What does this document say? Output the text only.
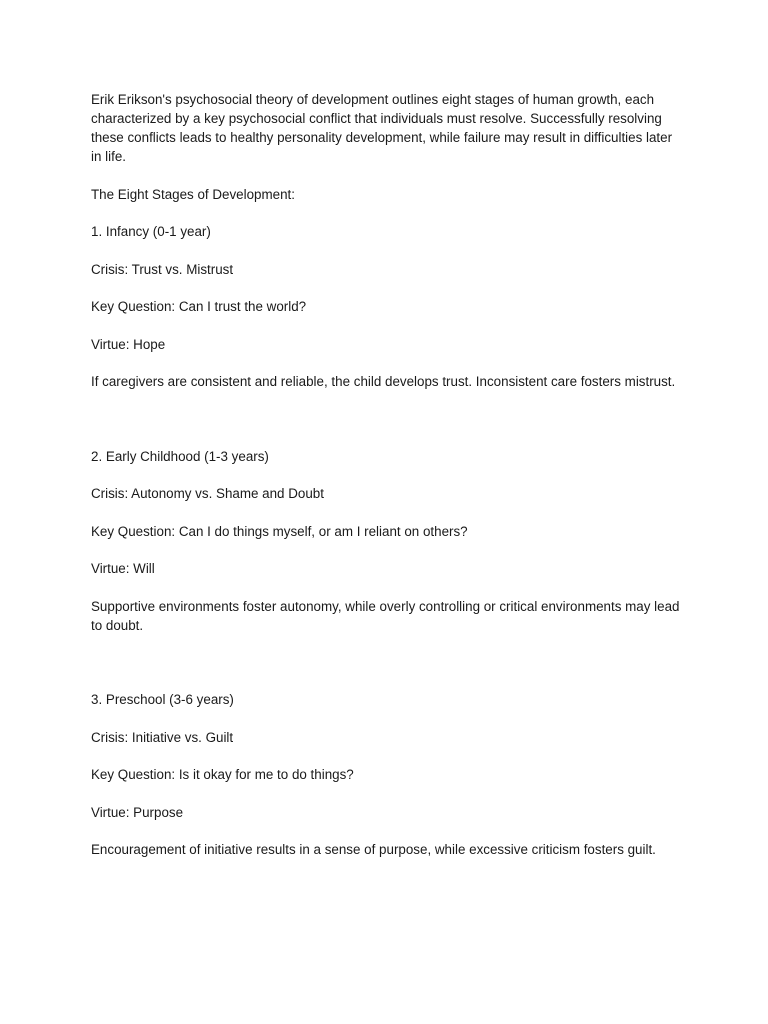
Erik Erikson's psychosocial theory of development outlines eight stages of human growth, each characterized by a key psychosocial conflict that individuals must resolve. Successfully resolving these conflicts leads to healthy personality development, while failure may result in difficulties later in life.

The Eight Stages of Development:

1. Infancy (0-1 year)

Crisis: Trust vs. Mistrust

Key Question: Can I trust the world?

Virtue: Hope

If caregivers are consistent and reliable, the child develops trust. Inconsistent care fosters mistrust.

2. Early Childhood (1-3 years)

Crisis: Autonomy vs. Shame and Doubt

Key Question: Can I do things myself, or am I reliant on others?

Virtue: Will

Supportive environments foster autonomy, while overly controlling or critical environments may lead to doubt.

3. Preschool (3-6 years)

Crisis: Initiative vs. Guilt

Key Question: Is it okay for me to do things?

Virtue: Purpose

Encouragement of initiative results in a sense of purpose, while excessive criticism fosters guilt.
